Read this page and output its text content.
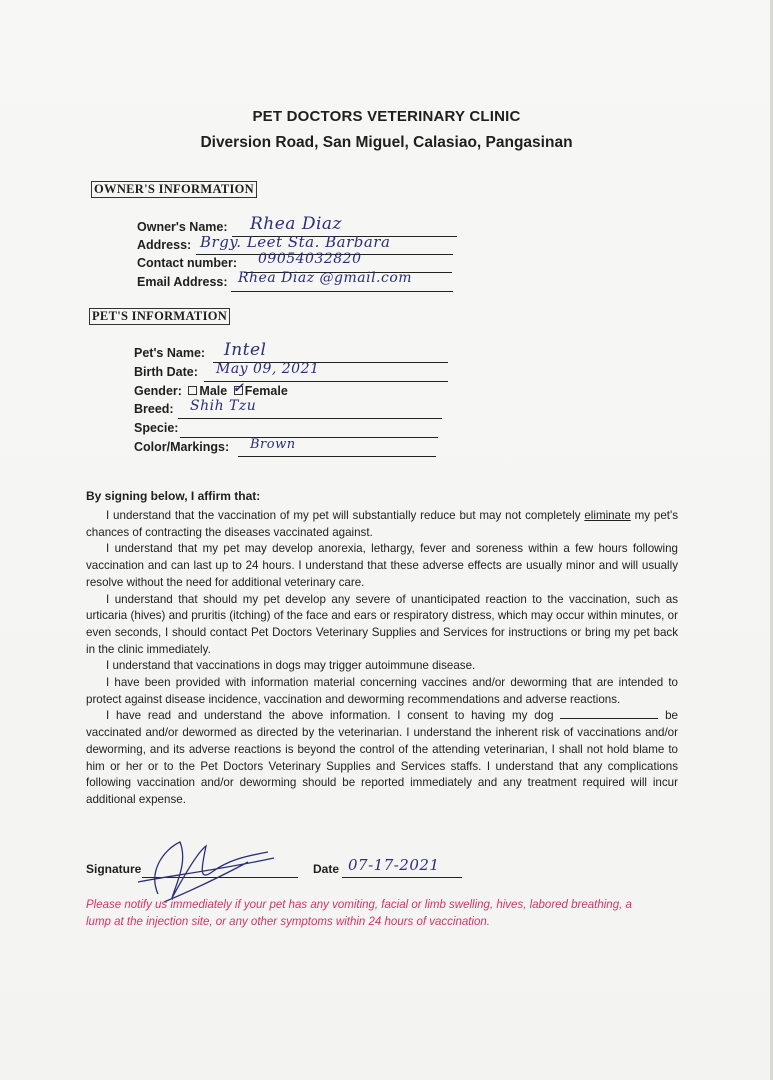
PET DOCTORS VETERINARY CLINIC
Diversion Road, San Miguel, Calasiao, Pangasinan
OWNER'S INFORMATION
Owner's Name: Rhea Diaz
Address: Brgy. Leet Sta. Barbara
Contact number: 09054032820
Email Address: Rhea Diaz @gmail.com
PET'S INFORMATION
Pet's Name: Intel
Birth Date: May 09, 2021
Gender: Male ✓ Female
Breed: Shih Tzu
Specie:
Color/Markings: Brown
By signing below, I affirm that:

I understand that the vaccination of my pet will substantially reduce but may not completely eliminate my pet's chances of contracting the diseases vaccinated against.

I understand that my pet may develop anorexia, lethargy, fever and soreness within a few hours following vaccination and can last up to 24 hours. I understand that these adverse effects are usually minor and will usually resolve without the need for additional veterinary care.

I understand that should my pet develop any severe of unanticipated reaction to the vaccination, such as urticaria (hives) and pruritis (itching) of the face and ears or respiratory distress, which may occur within minutes, or even seconds, I should contact Pet Doctors Veterinary Supplies and Services for instructions or bring my pet back in the clinic immediately.

I understand that vaccinations in dogs may trigger autoimmune disease.

I have been provided with information material concerning vaccines and/or deworming that are intended to protect against disease incidence, vaccination and deworming recommendations and adverse reactions.

I have read and understand the above information. I consent to having my dog	be vaccinated and/or dewormed as directed by the veterinarian. I understand the inherent risk of vaccinations and/or deworming, and its adverse reactions is beyond the control of the attending veterinarian, I shall not hold blame to him or her or to the Pet Doctors Veterinary Supplies and Services staffs. I understand that any complications following vaccination and/or deworming should be reported immediately and any treatment required will incur additional expense.

Signature	Date 07-17-2021
Please notify us immediately if your pet has any vomiting, facial or limb swelling, hives, labored breathing, a lump at the injection site, or any other symptoms within 24 hours of vaccination.
